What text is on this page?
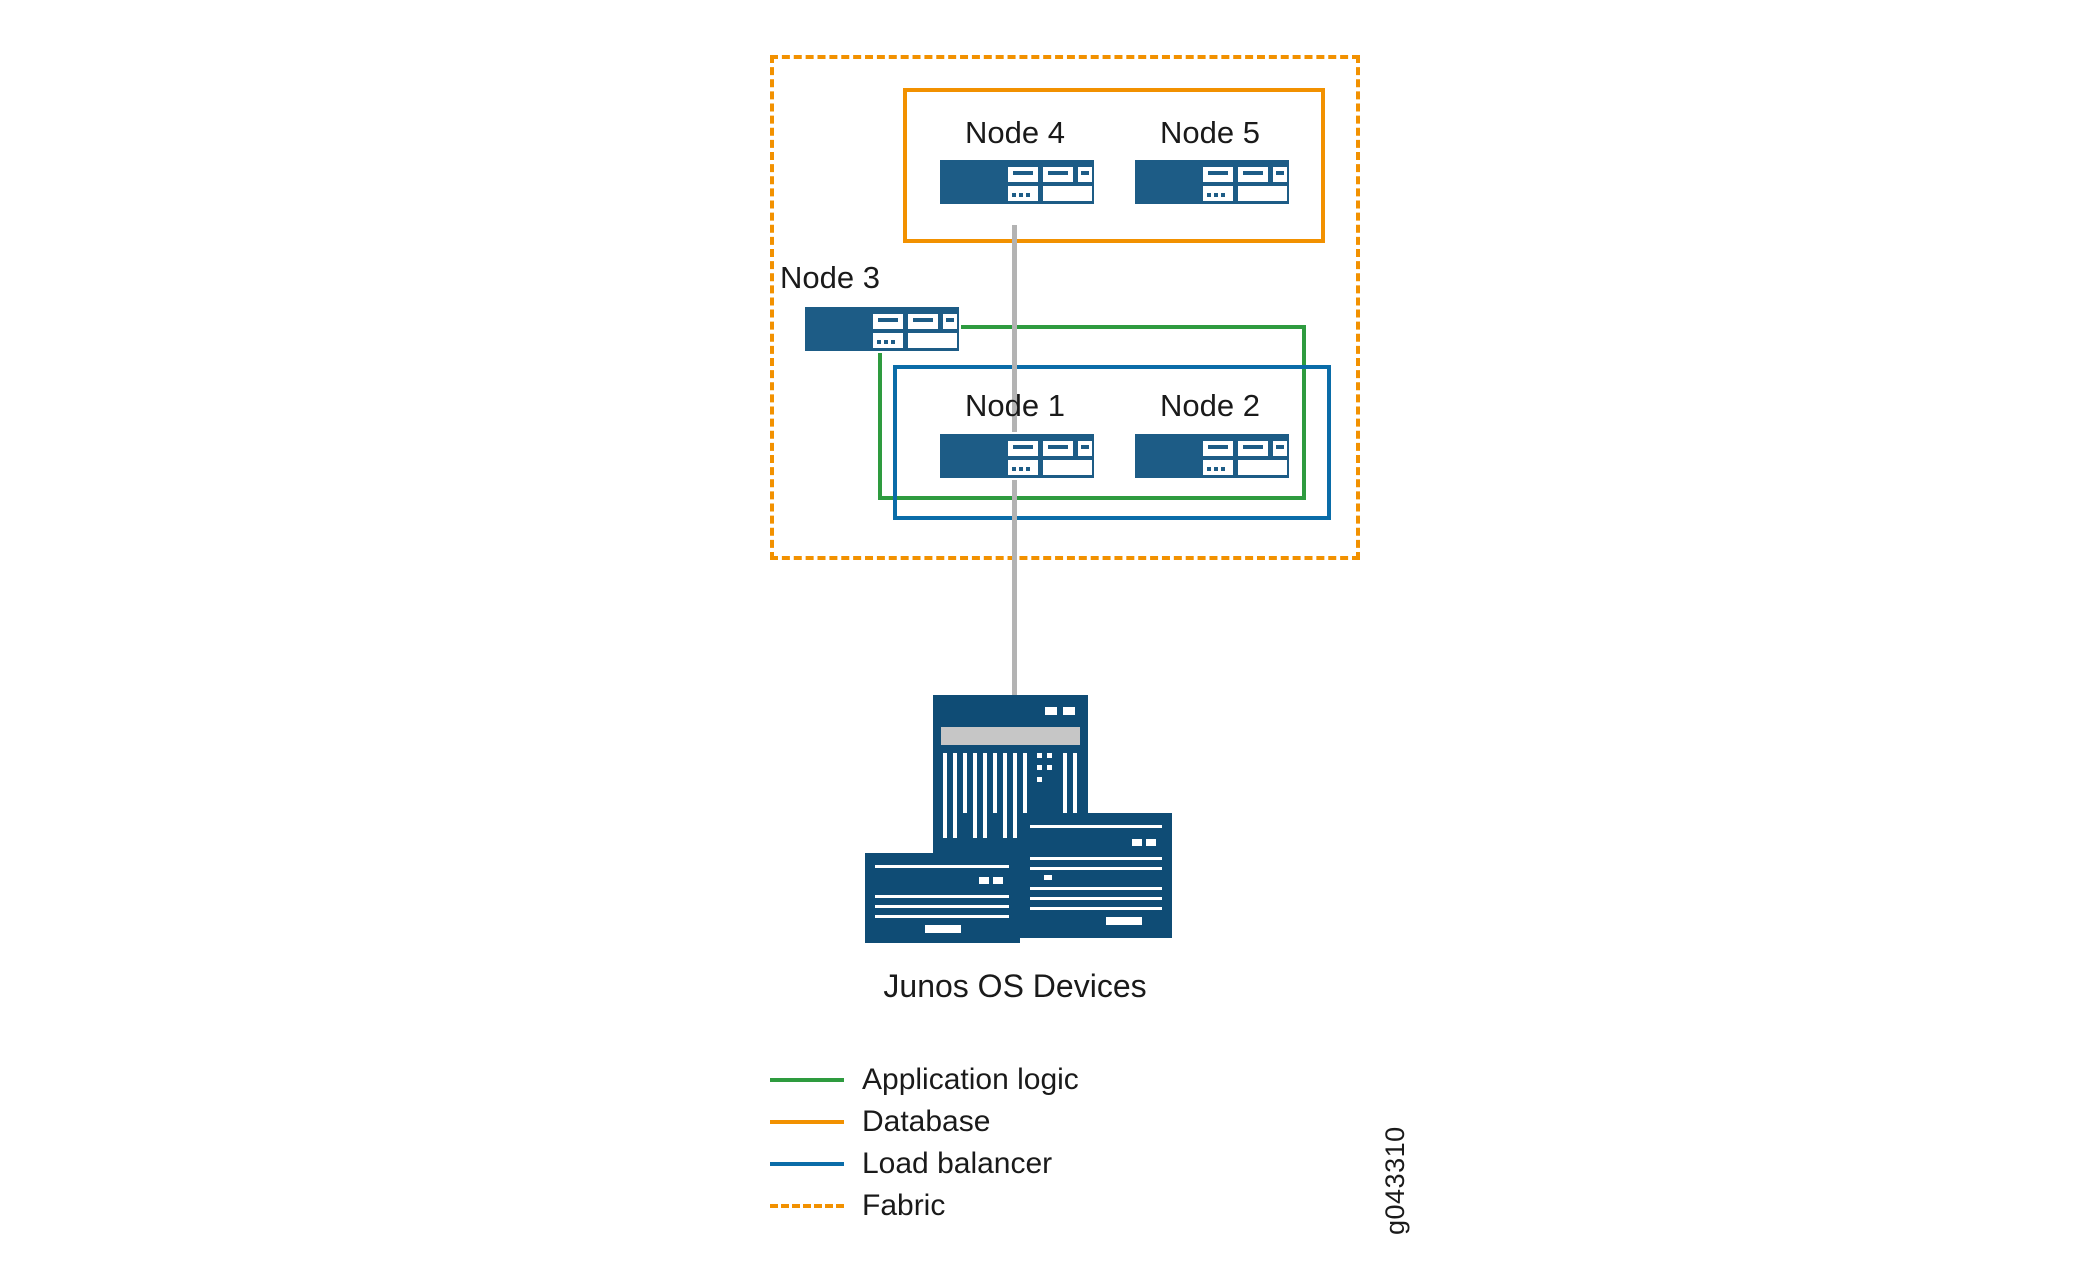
Node 4	Node 5
Node 3
Node 1	Node 2
Junos OS Devices
Application logic
Database
Load balancer
Fabric	g043310
